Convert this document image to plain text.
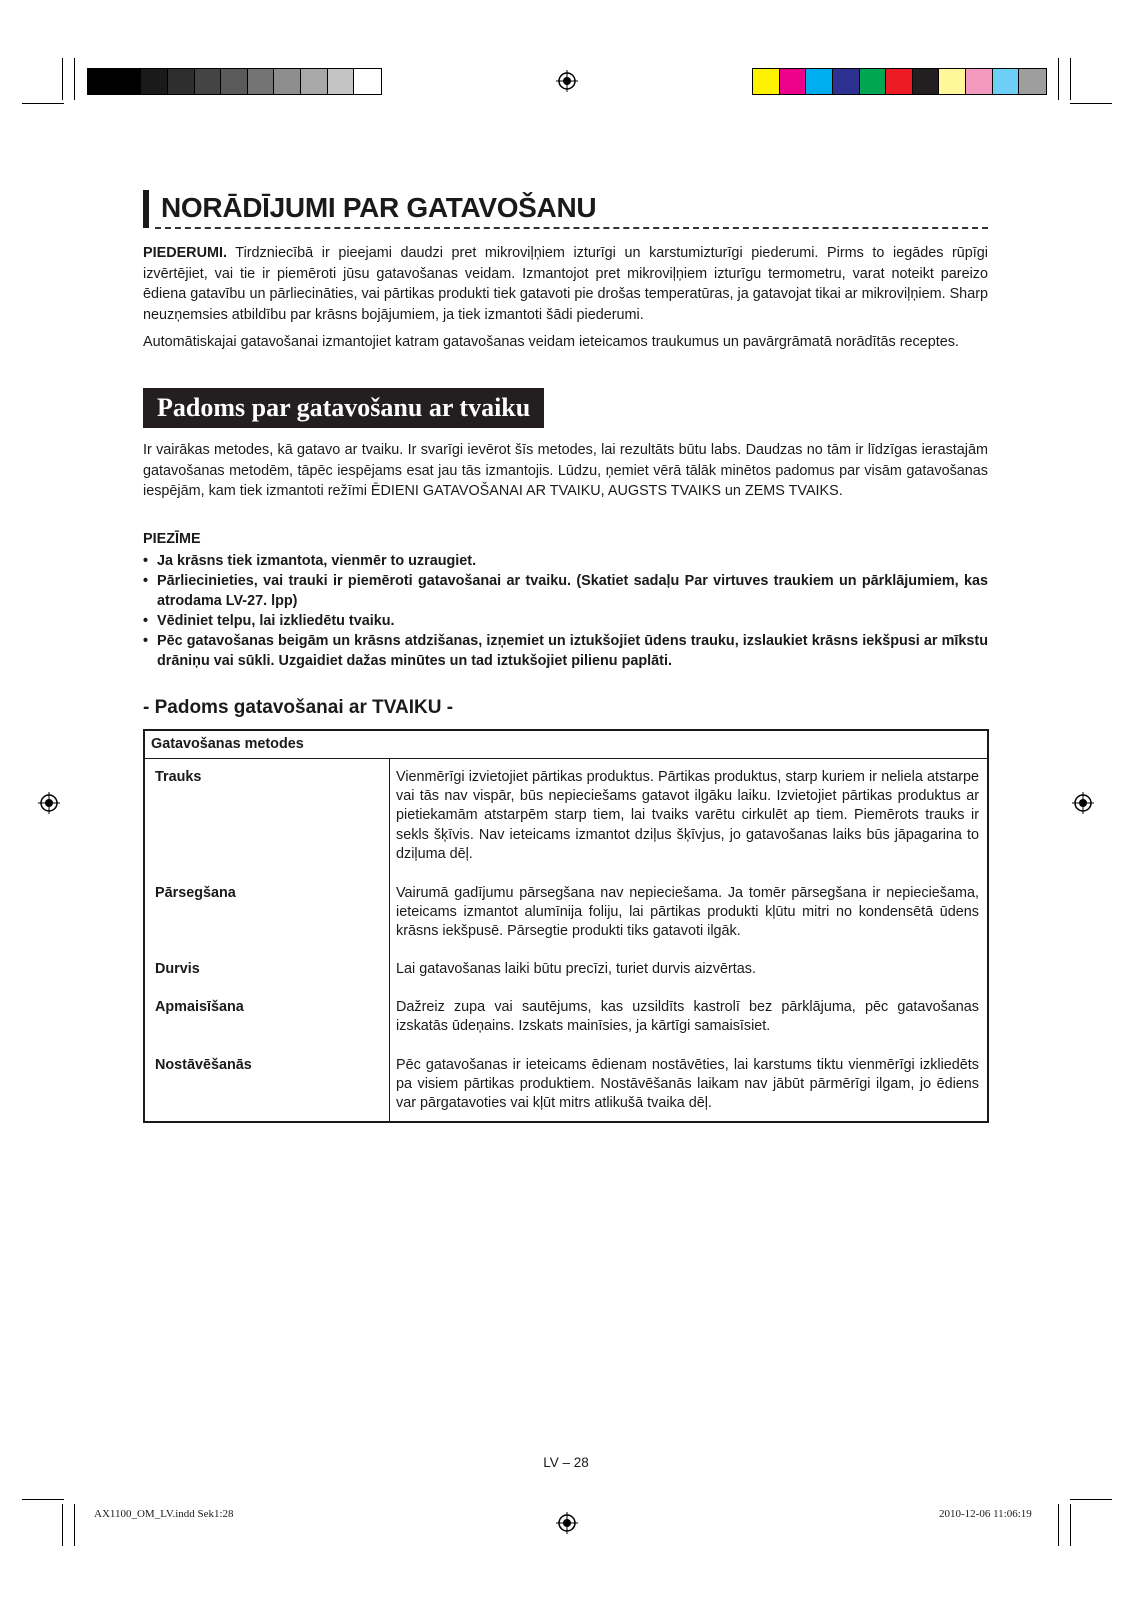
NORĀDĪJUMI PAR GATAVOŠANU

PIEDERUMI. Tirdzniecībā ir pieejami daudzi pret mikroviļņiem izturīgi un karstumizturīgi piederumi. Pirms to iegādes rūpīgi izvērtējiet, vai tie ir piemēroti jūsu gatavošanas veidam. Izmantojot pret mikroviļņiem izturīgu termometru, varat noteikt pareizo ēdiena gatavību un pārliecināties, vai pārtikas produkti tiek gatavoti pie drošas temperatūras, ja gatavojat tikai ar mikroviļņiem. Sharp neuzņemsies atbildību par krāsns bojājumiem, ja tiek izmantoti šādi piederumi.

Automātiskajai gatavošanai izmantojiet katram gatavošanas veidam ieteicamos traukumus un pavārgrāmatā norādītās receptes.

Padoms par gatavošanu ar tvaiku

Ir vairākas metodes, kā gatavo ar tvaiku. Ir svarīgi ievērot šīs metodes, lai rezultāts būtu labs. Daudzas no tām ir līdzīgas ierastajām gatavošanas metodēm, tāpēc iespējams esat jau tās izmantojis. Lūdzu, ņemiet vērā tālāk minētos padomus par visām gatavošanas iespējām, kam tiek izmantoti režīmi ĒDIENI GATAVOŠANAI AR TVAIKU, AUGSTS TVAIKS un ZEMS TVAIKS.

PIEZĪME
• Ja krāsns tiek izmantota, vienmēr to uzraugiet.
• Pārliecinieties, vai trauki ir piemēroti gatavošanai ar tvaiku. (Skatiet sadaļu Par virtuves traukiem un pārklājumiem, kas atrodama LV-27. lpp)
• Vēdiniet telpu, lai izkliedētu tvaiku.
• Pēc gatavošanas beigām un krāsns atdzišanas, izņemiet un iztukšojiet ūdens trauku, izslaukiet krāsns iekšpusi ar mīkstu drāniņu vai sūkli. Uzgaidiet dažas minūtes un tad iztukšojiet pilienu paplāti.
- Padoms gatavošanai ar TVAIKU -
Gatavošanas metodes
Trauks	Vienmērīgi izvietojiet pārtikas produktus. Pārtikas produktus, starp kuriem ir neliela atstarpe vai tās nav vispār, būs nepieciešams gatavot ilgāku laiku. Izvietojiet pārtikas produktus ar pietiekamām atstarpēm starp tiem, lai tvaiks varētu cirkulēt ap tiem. Piemērots trauks ir sekls šķīvis. Nav ieteicams izmantot dziļus šķīvjus, jo gatavošanas laiks būs jāpagarina to dziļuma dēļ.
Pārsegšana	Vairumā gadījumu pārsegšana nav nepieciešama. Ja tomēr pārsegšana ir nepieciešama, ieteicams izmantot alumīnija foliju, lai pārtikas produkti kļūtu mitri no kondensētā ūdens krāsns iekšpusē. Pārsegtie produkti tiks gatavoti ilgāk.
Durvis	Lai gatavošanas laiki būtu precīzi, turiet durvis aizvērtas.
Apmaisīšana	Dažreiz zupa vai sautējums, kas uzsildīts kastrolī bez pārklājuma, pēc gatavošanas izskatās ūdeņains. Izskats mainīsies, ja kārtīgi samaisīsiet.
Nostāvēšanās	Pēc gatavošanas ir ieteicams ēdienam nostāvēties, lai karstums tiktu vienmērīgi izkliedēts pa visiem pārtikas produktiem. Nostāvēšanās laikam nav jābūt pārmērīgi ilgam, jo ēdiens var pārgatavoties vai kļūt mitrs atlikušā tvaika dēļ.
LV – 28
AX1100_OM_LV.indd Sek1:28	2010-12-06 11:06:19
